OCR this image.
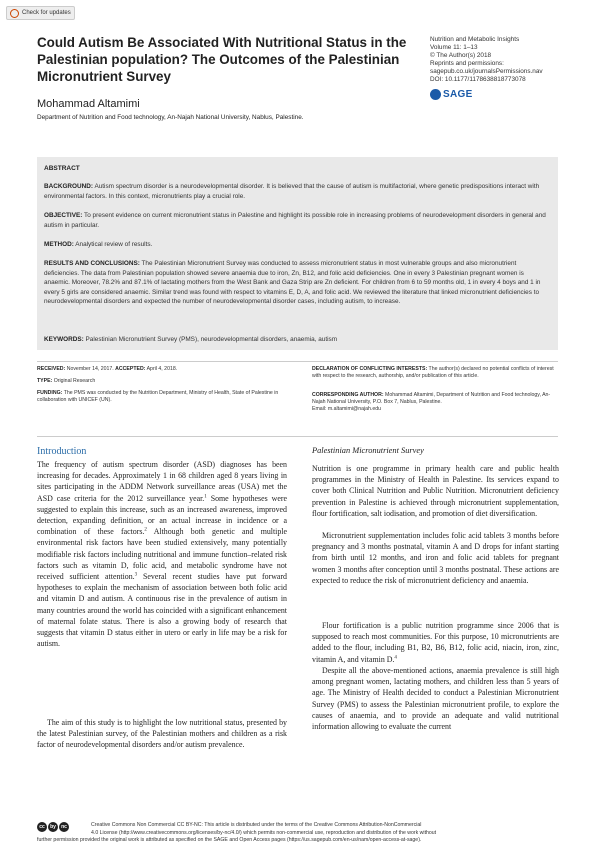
Check for updates
Could Autism Be Associated With Nutritional Status in the Palestinian population? The Outcomes of the Palestinian Micronutrient Survey
Mohammad Altamimi
Department of Nutrition and Food technology, An-Najah National University, Nablus, Palestine.
Nutrition and Metabolic Insights
Volume 11: 1–13
© The Author(s) 2018
Reprints and permissions:
sagepub.co.uk/journalsPermissions.nav
DOI: 10.1177/1178638818773078
SAGE
ABSTRACT
BACKGROUND: Autism spectrum disorder is a neurodevelopmental disorder. It is believed that the cause of autism is multifactorial, where genetic predispositions interact with environmental factors. In this context, micronutrients play a crucial role.
OBJECTIVE: To present evidence on current micronutrient status in Palestine and highlight its possible role in increasing problems of neurodevelopment disorders in general and autism in particular.
METHOD: Analytical review of results.
RESULTS AND CONCLUSIONS: The Palestinian Micronutrient Survey was conducted to assess micronutrient status in most vulnerable groups and also micronutrient deficiencies. The data from Palestinian population showed severe anaemia due to iron, Zn, B12, and folic acid deficiencies. One in every 3 Palestinian pregnant women is anaemic. Moreover, 78.2% and 87.1% of lactating mothers from the West Bank and Gaza Strip are Zn deficient. For children from 6 to 59 months old, 1 in every 4 boys and 1 in every 5 girls are considered anaemic. Similar trend was found with respect to vitamins E, D, A, and folic acid. We reviewed the literature that linked micronutrient deficiencies to neurodevelopmental disorders and expected the number of neurodevelopmental disorder cases, including autism, to increase.
KEYWORDS: Palestinian Micronutrient Survey (PMS), neurodevelopmental disorders, anaemia, autism
RECEIVED: November 14, 2017. ACCEPTED: April 4, 2018.
TYPE: Original Research
FUNDING: The PMS was conducted by the Nutrition Department, Ministry of Health, State of Palestine in collaboration with UNICEF (UN).
DECLARATION OF CONFLICTING INTERESTS: The author(s) declared no potential conflicts of interest with respect to the research, authorship, and/or publication of this article.
CORRESPONDING AUTHOR: Mohammad Altamimi, Department of Nutrition and Food technology, An-Najah National University, P.O. Box 7, Nablus, Palestine.
Email: m.altamimi@najah.edu
Introduction

The frequency of autism spectrum disorder (ASD) diagnoses has been increasing for decades. Approximately 1 in 68 children aged 8 years living in sites participating in the ADDM Network surveillance areas (USA) met the ASD case criteria for the 2012 surveillance year.$^1$ Some hypotheses were suggested to explain this increase, such as an increased awareness, improved detection, expanding definition, or an actual increase in incidence or a combination of these factors.$^2$ Although both genetic and multiple environmental risk factors have been studied extensively, many potentially modifiable risk factors including nutritional and immune function–related risk factors such as vitamin D, folic acid, and metabolic syndrome have not received sufficient attention.$^3$ Several recent studies have put forward hypotheses to explain the mechanism of association between both folic acid and vitamin D and autism. A continuous rise in the prevalence of autism in many countries around the world has coincided with a significant enhancement of maternal folate status. There is also a growing body of research that suggests that vitamin D status either in utero or early in life may be a risk for autism.

The aim of this study is to highlight the low nutritional status, presented by the latest Palestinian survey, of the Palestinian mothers and children as a risk factor of neurodevelopmental disorders and/or autism prevalence.

Palestinian Micronutrient Survey

Nutrition is one programme in primary health care and public health programmes in the Ministry of Health in Palestine. Its services expand to cover both Clinical Nutrition and Public Nutrition. Micronutrient deficiency prevention in Palestine is achieved through micronutrient supplementation, flour fortification, salt iodisation, and promotion of diet diversification.

Micronutrient supplementation includes folic acid tablets 3 months before pregnancy and 3 months postnatal, vitamin A and D drops for infant starting from birth until 12 months, and iron and folic acid tablets for pregnant women 3 months after conception until 3 months postnatal. These actions are expected to reduce the risk of micronutrient deficiency and anaemia.

Flour fortification is a public nutrition programme since 2006 that is supposed to reach most communities. For this purpose, 10 micronutrients are added to the flour, including B1, B2, B6, B12, folic acid, niacin, iron, zinc, vitamin A, and vitamin D.$^4$

Despite all the above-mentioned actions, anaemia prevalence is still high among pregnant women, lactating mothers, and children less than 5 years of age. The Ministry of Health decided to conduct a Palestinian Micronutrient Survey (PMS) to assess the Palestinian micronutrient profile, to explore the causes of anaemia, and to provide an adequate and valid nutritional information allowing to evaluate the current

cc	by	nc	Creative Commons Non Commercial CC BY-NC: This article is distributed under the terms of the Creative Commons Attribution-NonCommercial
4.0 License (http://www.creativecommons.org/licenses/by-nc/4.0/) which permits non-commercial use, reproduction and distribution of the work without
further permission provided the original work is attributed as specified on the SAGE and Open Access pages (https://us.sagepub.com/en-us/nam/open-access-at-sage).
